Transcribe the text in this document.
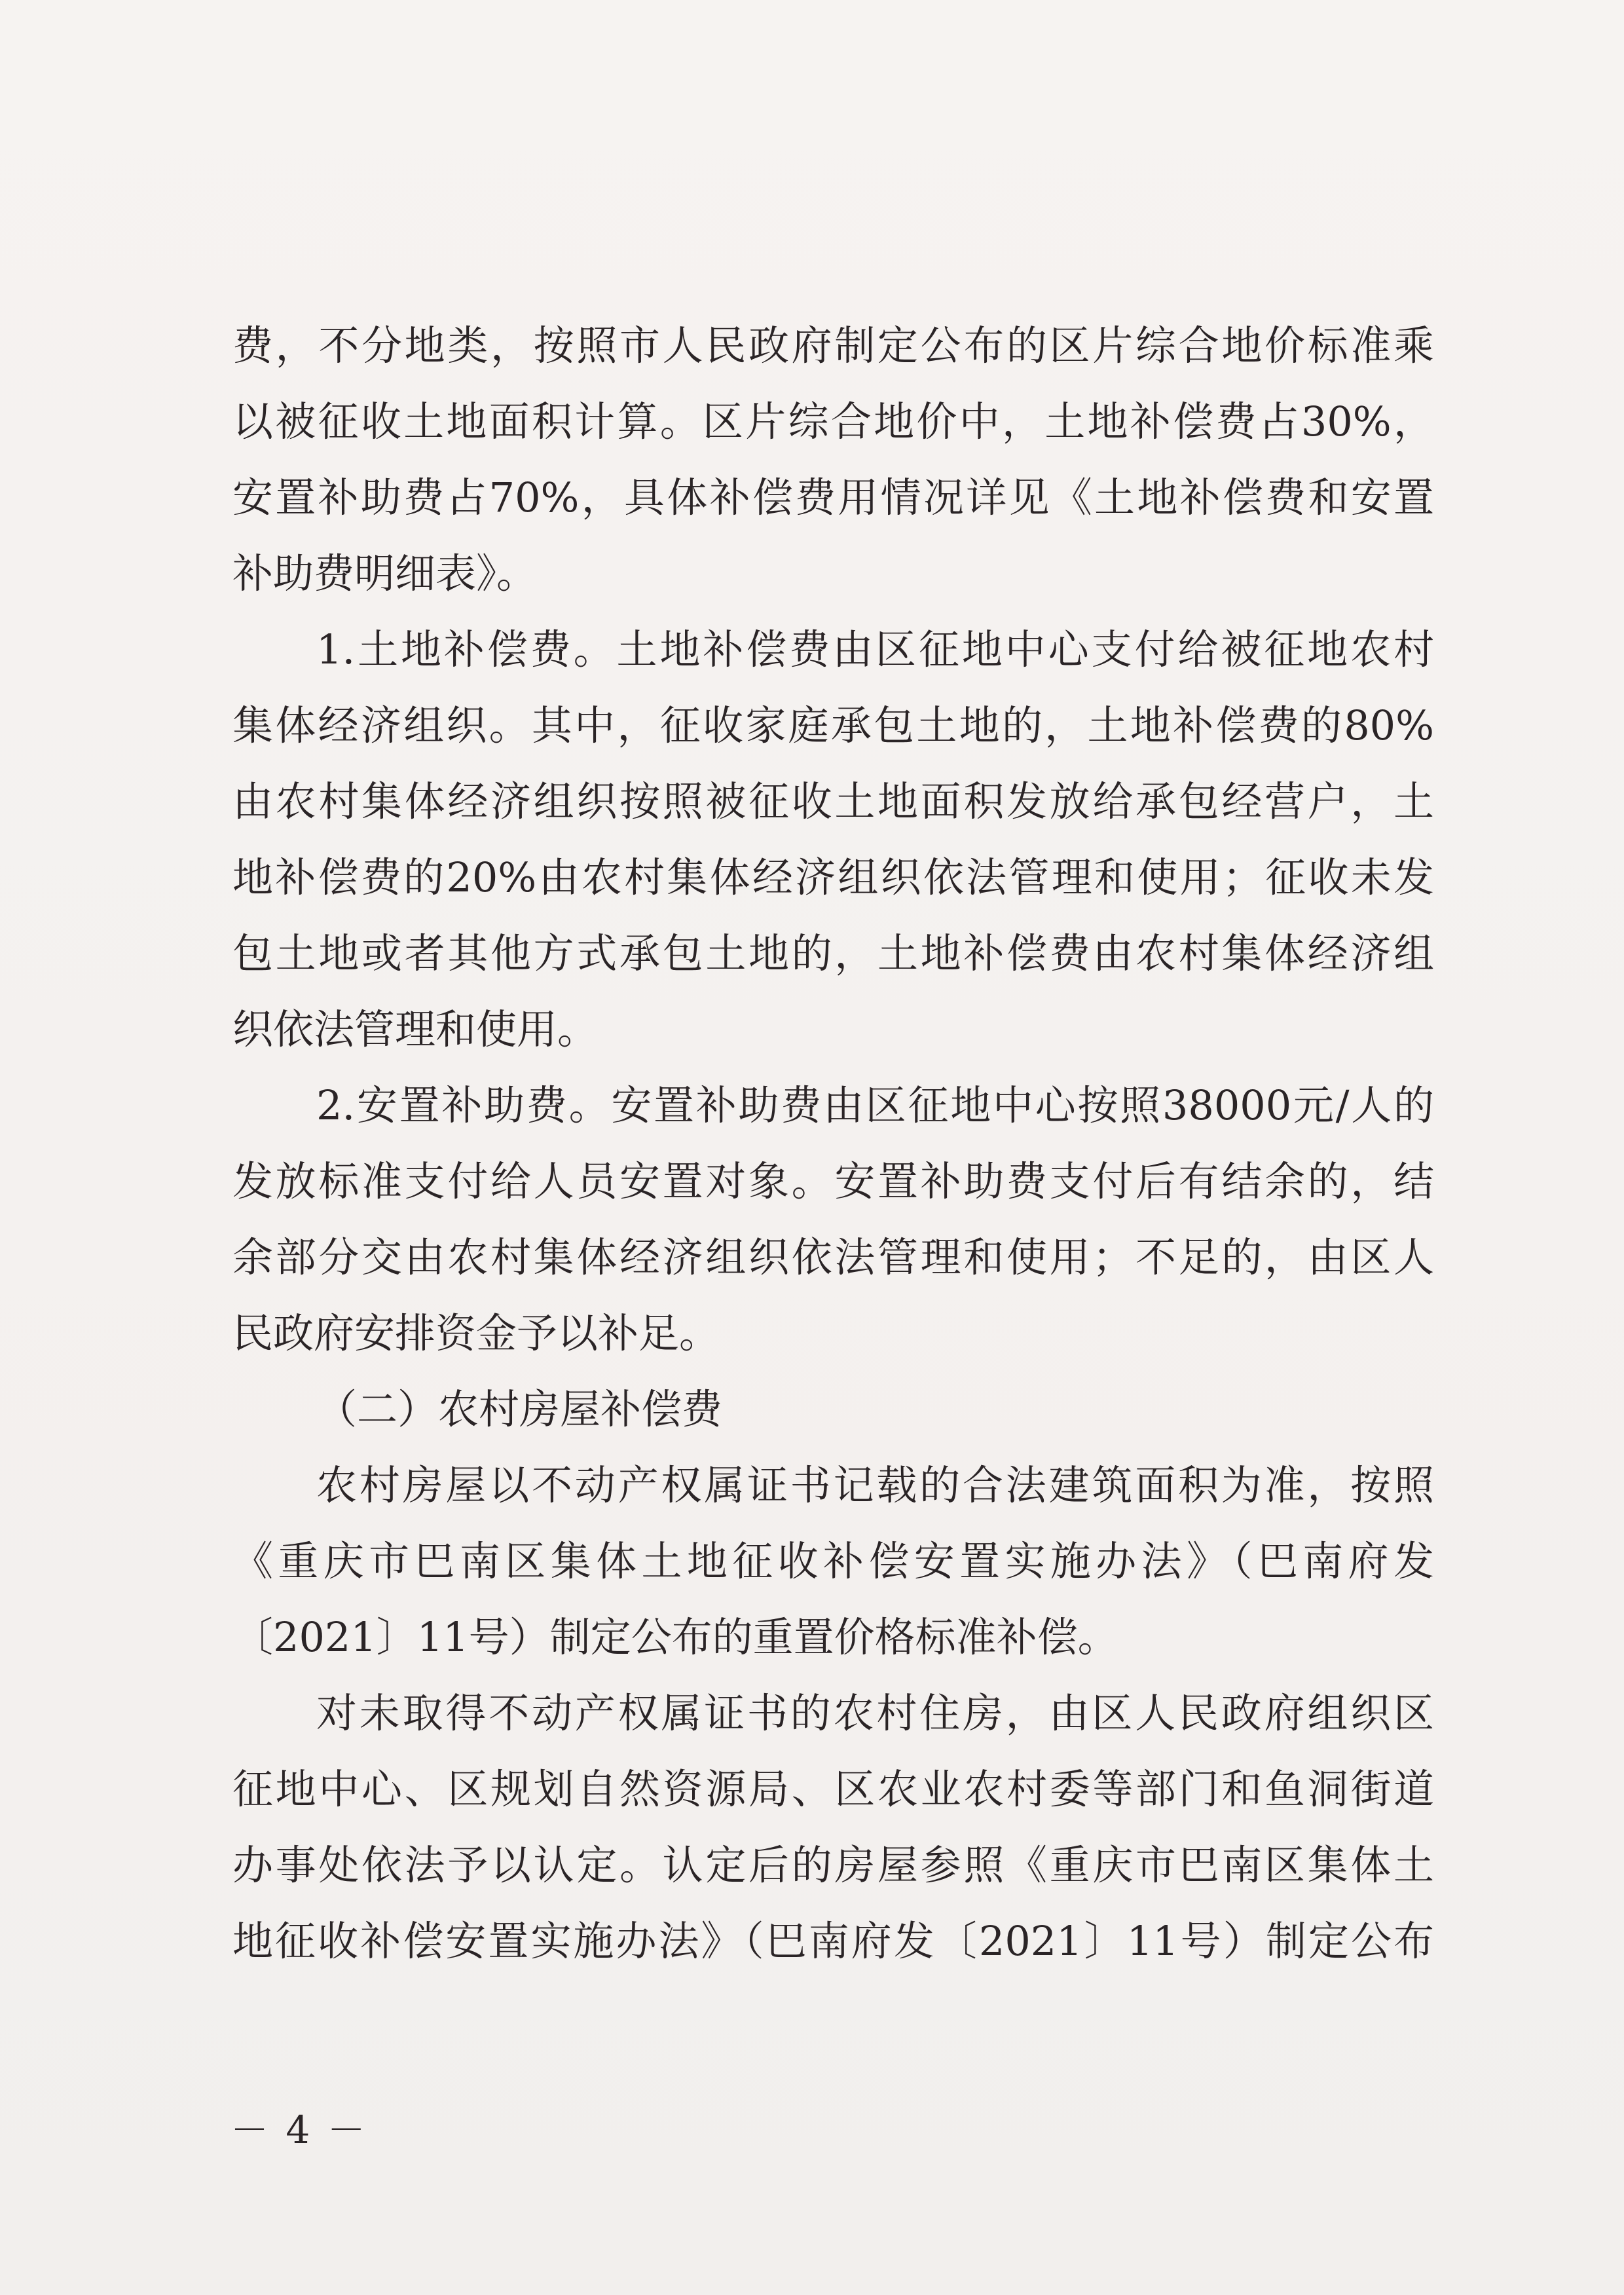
费，不分地类，按照市人民政府制定公布的区片综合地价标准乘
以被征收土地面积计算。区片综合地价中，土地补偿费占30%，
安置补助费占70%，具体补偿费用情况详见《土地补偿费和安置
补助费明细表》。
1.土地补偿费。土地补偿费由区征地中心支付给被征地农村
集体经济组织。其中，征收家庭承包土地的，土地补偿费的80%
由农村集体经济组织按照被征收土地面积发放给承包经营户，土
地补偿费的20%由农村集体经济组织依法管理和使用；征收未发
包土地或者其他方式承包土地的，土地补偿费由农村集体经济组
织依法管理和使用。
2.安置补助费。安置补助费由区征地中心按照38000元/人的
发放标准支付给人员安置对象。安置补助费支付后有结余的，结
余部分交由农村集体经济组织依法管理和使用；不足的，由区人
民政府安排资金予以补足。
（二）农村房屋补偿费
农村房屋以不动产权属证书记载的合法建筑面积为准，按照
《重庆市巴南区集体土地征收补偿安置实施办法》（巴南府发
〔2021〕11号）制定公布的重置价格标准补偿。
对未取得不动产权属证书的农村住房，由区人民政府组织区
征地中心、区规划自然资源局、区农业农村委等部门和鱼洞街道
办事处依法予以认定。认定后的房屋参照《重庆市巴南区集体土
地征收补偿安置实施办法》（巴南府发〔2021〕11号）制定公布
－ 4 －
